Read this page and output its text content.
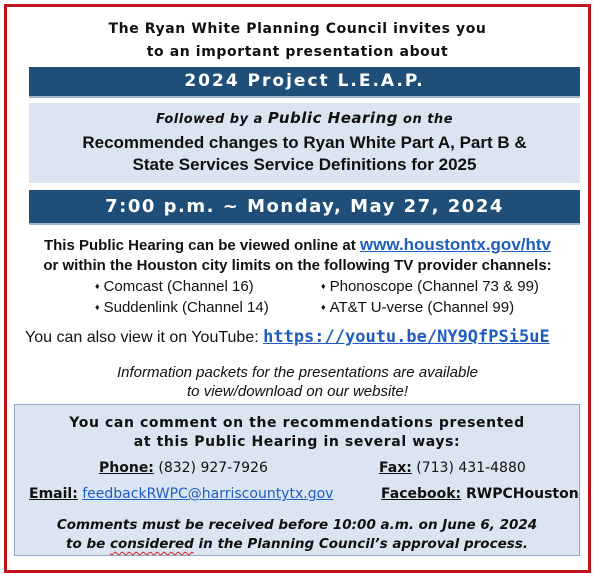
The Ryan White Planning Council invites you
to an important presentation about
2024 Project L.E.A.P.
Followed by a Public Hearing on the
Recommended changes to Ryan White Part A, Part B &
State Services Service Definitions for 2025
7:00 p.m. ~ Monday, May 27, 2024
This Public Hearing can be viewed online at www.houstontx.gov/htv
or within the Houston city limits on the following TV provider channels:
♦ Comcast (Channel 16)	♦ Phonoscope (Channel 73 & 99)
♦ Suddenlink (Channel 14)	♦ AT&T U-verse (Channel 99)
You can also view it on YouTube: https://youtu.be/NY9QfPSi5uE
Information packets for the presentations are available
to view/download on our website!
You can comment on the recommendations presented
at this Public Hearing in several ways:
Phone: (832) 927-7926	Fax: (713) 431-4880
Email: feedbackRWPC@harriscountytx.gov	Facebook: RWPCHouston
Comments must be received before 10:00 a.m. on June 6, 2024
to be considered in the Planning Council’s approval process.
